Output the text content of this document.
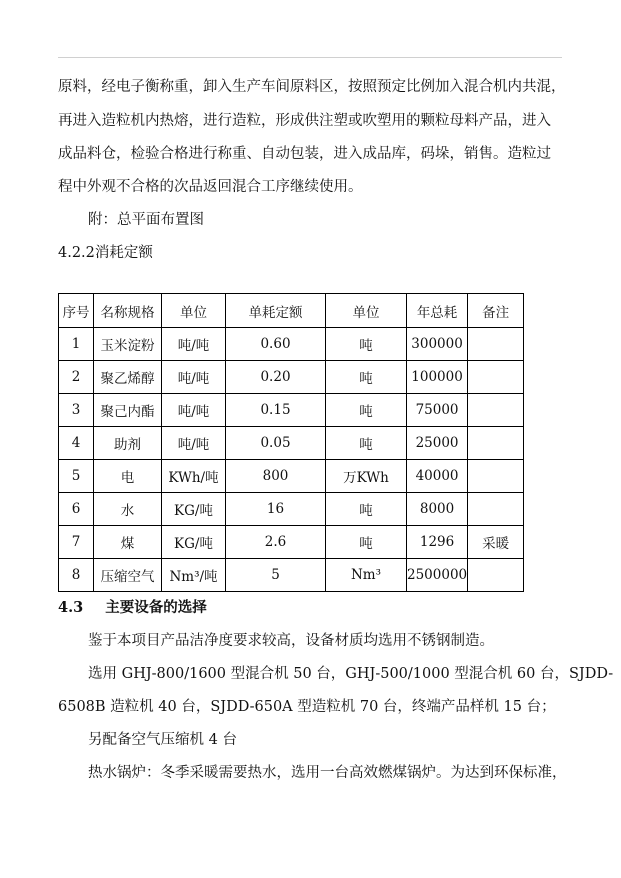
原料，经电子衡称重，卸入生产车间原料区，按照预定比例加入混合机内共混，
再进入造粒机内热熔，进行造粒，形成供注塑或吹塑用的颗粒母料产品，进入
成品料仓，检验合格进行称重、自动包装，进入成品库，码垛，销售。造粒过
程中外观不合格的次品返回混合工序继续使用。
附：总平面布置图
4.2.2消耗定额
序号	名称规格	单位	单耗定额	单位	年总耗	备注
1	玉米淀粉	吨/吨	0.60	吨	300000	
2	聚乙烯醇	吨/吨	0.20	吨	100000	
3	聚己内酯	吨/吨	0.15	吨	75000	
4	助剂	吨/吨	0.05	吨	25000	
5	电	KWh/吨	800	万KWh	40000	
6	水	KG/吨	16	吨	8000	
7	煤	KG/吨	2.6	吨	1296	采暖
8	压缩空气	Nm³/吨	5	Nm³	2500000	
4.3 主要设备的选择
鉴于本项目产品洁净度要求较高，设备材质均选用不锈钢制造。
选用 GHJ-800/1600 型混合机 50 台，GHJ-500/1000 型混合机 60 台，SJDD-
6508B 造粒机 40 台，SJDD-650A 型造粒机 70 台，终端产品样机 15 台；
另配备空气压缩机 4 台
热水锅炉：冬季采暖需要热水，选用一台高效燃煤锅炉。为达到环保标准，
